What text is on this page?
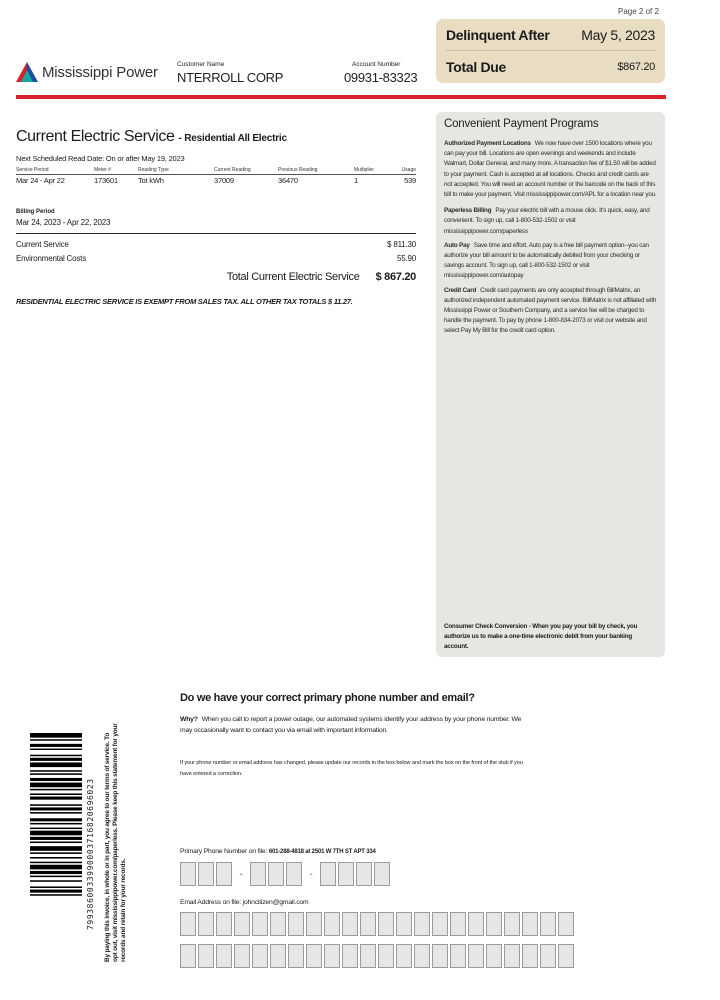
Page 2 of 2
Delinquent After May 5, 2023
Total Due	$867.20
Mississippi Power	Customer Name
NTERROLL CORP
Account Number
09931-83323
Current Electric Service - Residential All Electric
Next Scheduled Read Date: On or after May 19, 2023
Service Period	Meter #	Reading Type	Current Reading	Previous Reading	Multiplier	Usage
Mar 24 - Apr 22	173601	Tot kWh	37009	36470	1	539
Billing Period
Mar 24, 2023 - Apr 22, 2023
Current Service	$ 811.30
Environmental Costs	55.90
Total Current Electric Service $ 867.20
RESIDENTIAL ELECTRIC SERVICE IS EXEMPT FROM SALES TAX. ALL OTHER TAX TOTALS $ 11.27.
Convenient Payment Programs

Authorized Payment Locations We now have over 1500 locations where you can pay your bill. Locations are open evenings and weekends and include Walmart, Dollar General, and many more. A transaction fee of $1.50 will be added to your payment. Cash is accepted at all locations. Checks and credit cards are not accepted. You will need an account number or the barcode on the back of this bill to make your payment. Visit mississippipower.com/APL for a location near you.

Paperless Billing Pay your electric bill with a mouse click. It's quick, easy, and convenient. To sign up, call 1-800-532-1502 or visit mississippipower.com/paperless

Auto Pay Save time and effort. Auto pay is a free bill payment option--you can authorize your bill amount to be automatically debited from your checking or savings account. To sign up, call 1-800-532-1502 or visit mississippipower.com/autopay

Credit Card Credit card payments are only accepted through BillMatrix, an authorized independent automated payment service. BillMatrix is not affiliated with Mississippi Power or Southern Company, and a service fee will be charged to handle the payment. To pay by phone 1-800-834-2073 or visit our website and select Pay My Bill for the credit card option.

Consumer Check Conversion - When you pay your bill by check, you authorize us to make a one-time electronic debit from your banking account.

7993860033990003716820696023 By paying this invoice, in whole or in part, you agree to our terms of service. To opt out, visit mississippipower.com/paperless. Please keep this statement for your records and retain for your records.
Do we have your correct primary phone number and email?
Why? When you call to report a power outage, our automated systems identify your address by your phone number. We may occasionally want to contact you via email with important information.
If your phone number or email address has changed, please update our records in the box below and mark the box on the front of the stub if you have entered a correction.
Primary Phone Number on file: 601-288-4818 at 2501 W 7TH ST APT 334
-	-
Email Address on file: johncitizen@gmail.com
